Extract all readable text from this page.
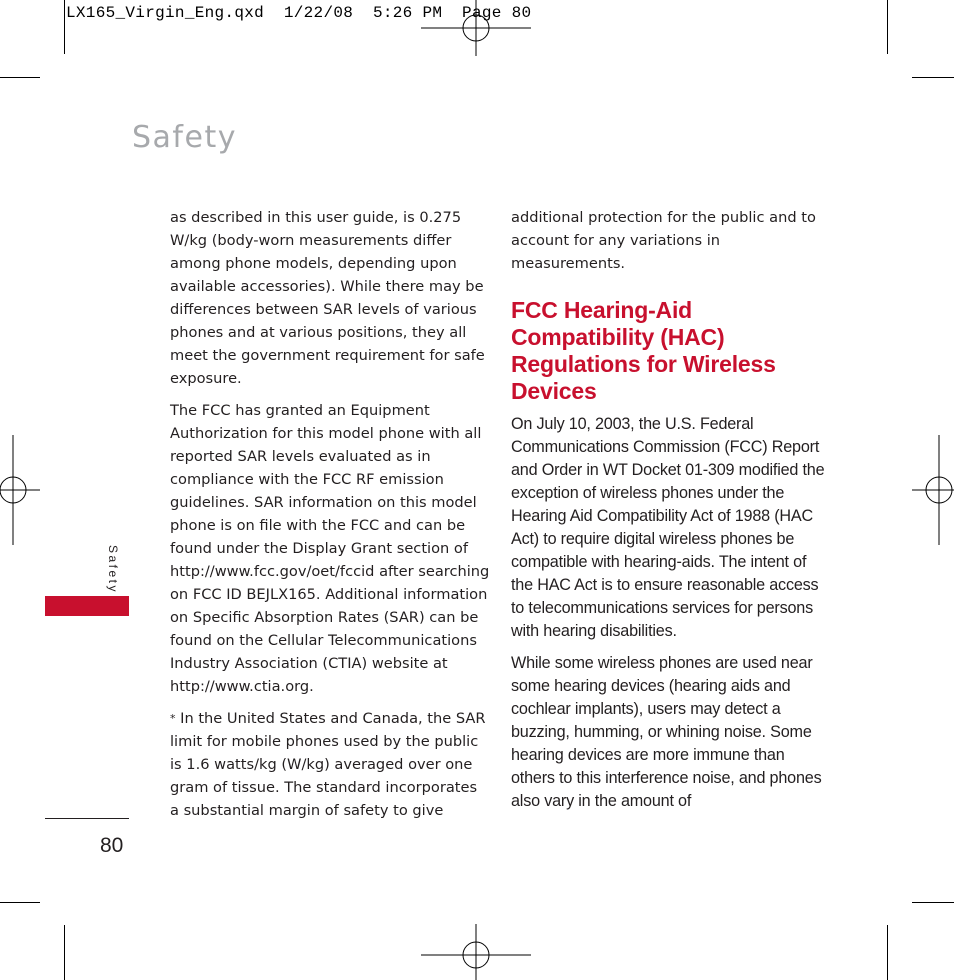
LX165_Virgin_Eng.qxd  1/22/08  5:26 PM  Page 80
Safety
Safety
80

as described in this user guide, is 0.275 W/kg (body-worn measurements differ among phone models, depending upon available accessories). While there may be differences between SAR levels of various phones and at various positions, they all meet the government requirement for safe exposure.

The FCC has granted an Equipment Authorization for this model phone with all reported SAR levels evaluated as in compliance with the FCC RF emission guidelines. SAR information on this model phone is on file with the FCC and can be found under the Display Grant section of http://www.fcc.gov/oet/fccid after searching on FCC ID BEJLX165. Additional information on Specific Absorption Rates (SAR) can be found on the Cellular Telecommunications Industry Association (CTIA) website at http://www.ctia.org.

* In the United States and Canada, the SAR limit for mobile phones used by the public is 1.6 watts/kg (W/kg) averaged over one gram of tissue. The standard incorporates a substantial margin of safety to give

additional protection for the public and to account for any variations in measurements.

FCC Hearing-Aid Compatibility (HAC) Regulations for Wireless Devices

On July 10, 2003, the U.S. Federal Communications Commission (FCC) Report and Order in WT Docket 01-309 modified the exception of wireless phones under the Hearing Aid Compatibility Act of 1988 (HAC Act) to require digital wireless phones be compatible with hearing-aids. The intent of the HAC Act is to ensure reasonable access to telecommunications services for persons with hearing disabilities.

While some wireless phones are used near some hearing devices (hearing aids and cochlear implants), users may detect a buzzing, humming, or whining noise. Some hearing devices are more immune than others to this interference noise, and phones also vary in the amount of
